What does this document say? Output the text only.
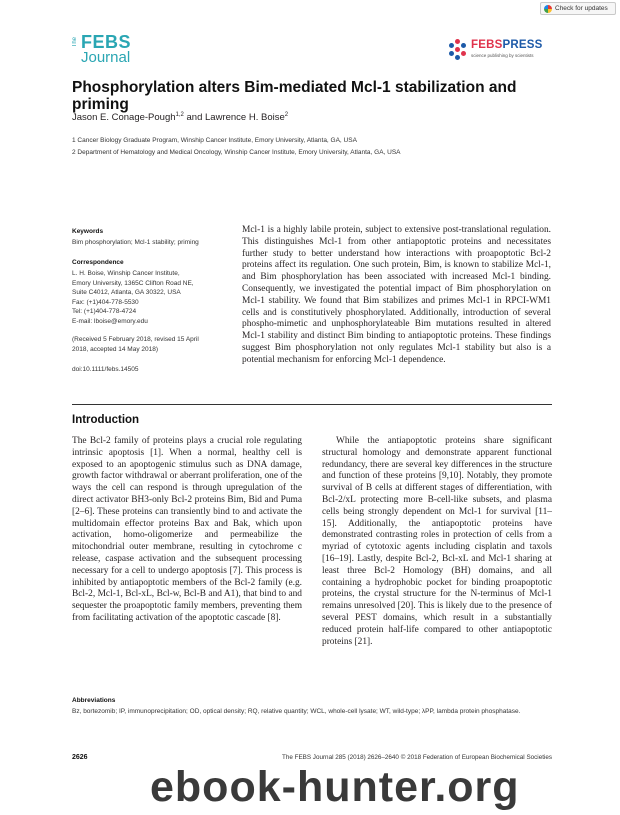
Check for updates
The FEBS
Journal
FEBSPRESS
science publishing by scientists
Phosphorylation alters Bim-mediated Mcl-1 stabilization and priming
Jason E. Conage-Pough$^{1,2}$ and Lawrence H. Boise$^2$
1 Cancer Biology Graduate Program, Winship Cancer Institute, Emory University, Atlanta, GA, USA
2 Department of Hematology and Medical Oncology, Winship Cancer Institute, Emory University, Atlanta, GA, USA
Keywords
Bim phosphorylation; Mcl-1 stability; priming
Correspondence
L. H. Boise, Winship Cancer Institute,
Emory University, 1365C Clifton Road NE,
Suite C4012, Atlanta, GA 30322, USA
Fax: (+1)404-778-5530
Tel: (+1)404-778-4724
E-mail: lboise@emory.edu
(Received 5 February 2018, revised 15 April
2018, accepted 14 May 2018)
doi:10.1111/febs.14505
Mcl-1 is a highly labile protein, subject to extensive post-translational regulation. This distinguishes Mcl-1 from other antiapoptotic proteins and necessitates further study to better understand how interactions with proapoptotic Bcl-2 proteins affect its regulation. One such protein, Bim, is known to stabilize Mcl-1, and Bim phosphorylation has been associated with increased Mcl-1 binding. Consequently, we investigated the potential impact of Bim phosphorylation on Mcl-1 stability. We found that Bim stabilizes and primes Mcl-1 in RPCI-WM1 cells and is constitutively phosphorylated. Additionally, introduction of several phospho-mimetic and unphosphorylateable Bim mutations resulted in altered Mcl-1 stability and distinct Bim binding to antiapoptotic proteins. These findings suggest Bim phosphorylation not only regulates Mcl-1 stability but also is a potential mechanism for enforcing Mcl-1 dependence.
Introduction

The Bcl-2 family of proteins plays a crucial role regulating intrinsic apoptosis [1]. When a normal, healthy cell is exposed to an apoptogenic stimulus such as DNA damage, growth factor withdrawal or aberrant proliferation, one of the ways the cell can respond is through upregulation of the direct activator BH3-only Bcl-2 proteins Bim, Bid and Puma [2–6]. These proteins can transiently bind to and activate the multidomain effector proteins Bax and Bak, which upon activation, homo-oligomerize and permeabilize the mitochondrial outer membrane, resulting in cytochrome c release, caspase activation and the subsequent processing necessary for a cell to undergo apoptosis [7]. This process is inhibited by antiapoptotic members of the Bcl-2 family (e.g. Bcl-2, Mcl-1, Bcl-xL, Bcl-w, Bcl-B and A1), that bind to and sequester the proapoptotic family members, preventing them from facilitating activation of the apoptotic cascade [8].

While the antiapoptotic proteins share significant structural homology and demonstrate apparent functional redundancy, there are several key differences in the structure and function of these proteins [9,10]. Notably, they promote survival of B cells at different stages of differentiation, with Bcl-2/xL protecting more B-cell-like subsets, and plasma cells being strongly dependent on Mcl-1 for survival [11–15]. Additionally, the antiapoptotic proteins have demonstrated contrasting roles in protection of cells from a myriad of cytotoxic agents including cisplatin and taxols [16–19]. Lastly, despite Bcl-2, Bcl-xL and Mcl-1 sharing at least three Bcl-2 Homology (BH) domains, and all containing a hydrophobic pocket for binding proapoptotic proteins, the crystal structure for the N-terminus of Mcl-1 remains unresolved [20]. This is likely due to the presence of several PEST domains, which result in a substantially reduced protein half-life compared to other antiapoptotic proteins [21].

Abbreviations
Bz, bortezomib; IP, immunoprecipitation; OD, optical density; RQ, relative quantity; WCL, whole-cell lysate; WT, wild-type; λPP, lambda protein phosphatase.
2626	The FEBS Journal 285 (2018) 2626–2640 © 2018 Federation of European Biochemical Societies
ebook-hunter.org
